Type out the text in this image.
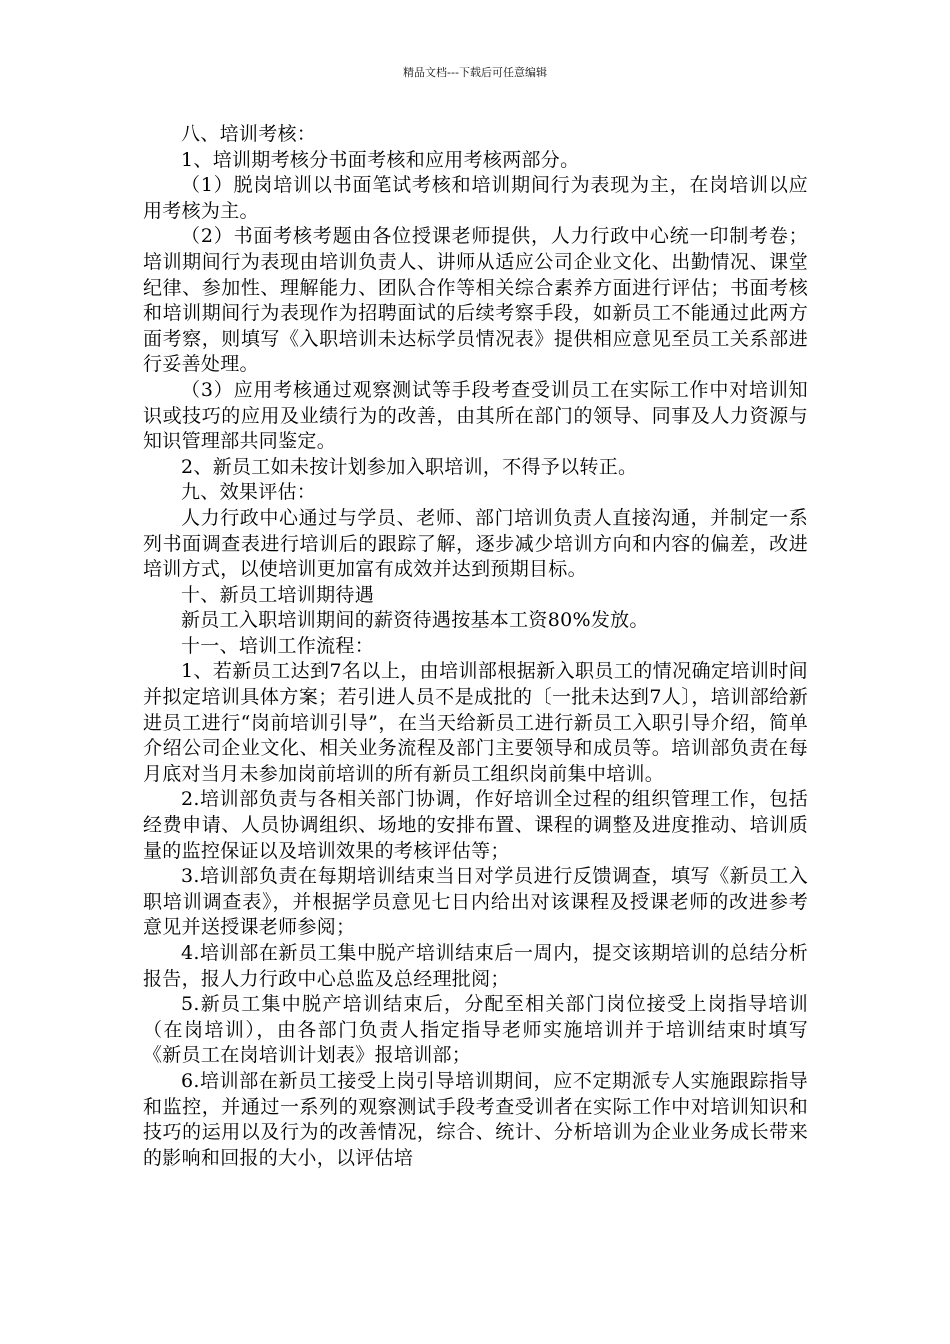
精品文档---下载后可任意编辑

八、培训考核：

1、培训期考核分书面考核和应用考核两部分。

（1）脱岗培训以书面笔试考核和培训期间行为表现为主，在岗培训以应用考核为主。

（2）书面考核考题由各位授课老师提供，人力行政中心统一印制考卷；培训期间行为表现由培训负责人、讲师从适应公司企业文化、出勤情况、课堂纪律、参加性、理解能力、团队合作等相关综合素养方面进行评估；书面考核和培训期间行为表现作为招聘面试的后续考察手段，如新员工不能通过此两方面考察，则填写《入职培训未达标学员情况表》提供相应意见至员工关系部进行妥善处理。

（3）应用考核通过观察测试等手段考查受训员工在实际工作中对培训知识或技巧的应用及业绩行为的改善，由其所在部门的领导、同事及人力资源与知识管理部共同鉴定。

2、新员工如未按计划参加入职培训，不得予以转正。

九、效果评估：

人力行政中心通过与学员、老师、部门培训负责人直接沟通，并制定一系列书面调查表进行培训后的跟踪了解，逐步减少培训方向和内容的偏差，改进培训方式，以使培训更加富有成效并达到预期目标。

十、新员工培训期待遇

新员工入职培训期间的薪资待遇按基本工资80%发放。

十一、培训工作流程：

1、若新员工达到7名以上，由培训部根据新入职员工的情况确定培训时间并拟定培训具体方案；若引进人员不是成批的〔一批未达到7人〕，培训部给新进员工进行“岗前培训引导”，在当天给新员工进行新员工入职引导介绍，简单介绍公司企业文化、相关业务流程及部门主要领导和成员等。培训部负责在每月底对当月未参加岗前培训的所有新员工组织岗前集中培训。

2.培训部负责与各相关部门协调，作好培训全过程的组织管理工作，包括经费申请、人员协调组织、场地的安排布置、课程的调整及进度推动、培训质量的监控保证以及培训效果的考核评估等；

3.培训部负责在每期培训结束当日对学员进行反馈调查，填写《新员工入职培训调查表》，并根据学员意见七日内给出对该课程及授课老师的改进参考意见并送授课老师参阅；

4.培训部在新员工集中脱产培训结束后一周内，提交该期培训的总结分析报告，报人力行政中心总监及总经理批阅；

5.新员工集中脱产培训结束后，分配至相关部门岗位接受上岗指导培训（在岗培训），由各部门负责人指定指导老师实施培训并于培训结束时填写《新员工在岗培训计划表》报培训部；

6.培训部在新员工接受上岗引导培训期间，应不定期派专人实施跟踪指导和监控，并通过一系列的观察测试手段考查受训者在实际工作中对培训知识和技巧的运用以及行为的改善情况，综合、统计、分析培训为企业业务成长带来的影响和回报的大小，以评估培
